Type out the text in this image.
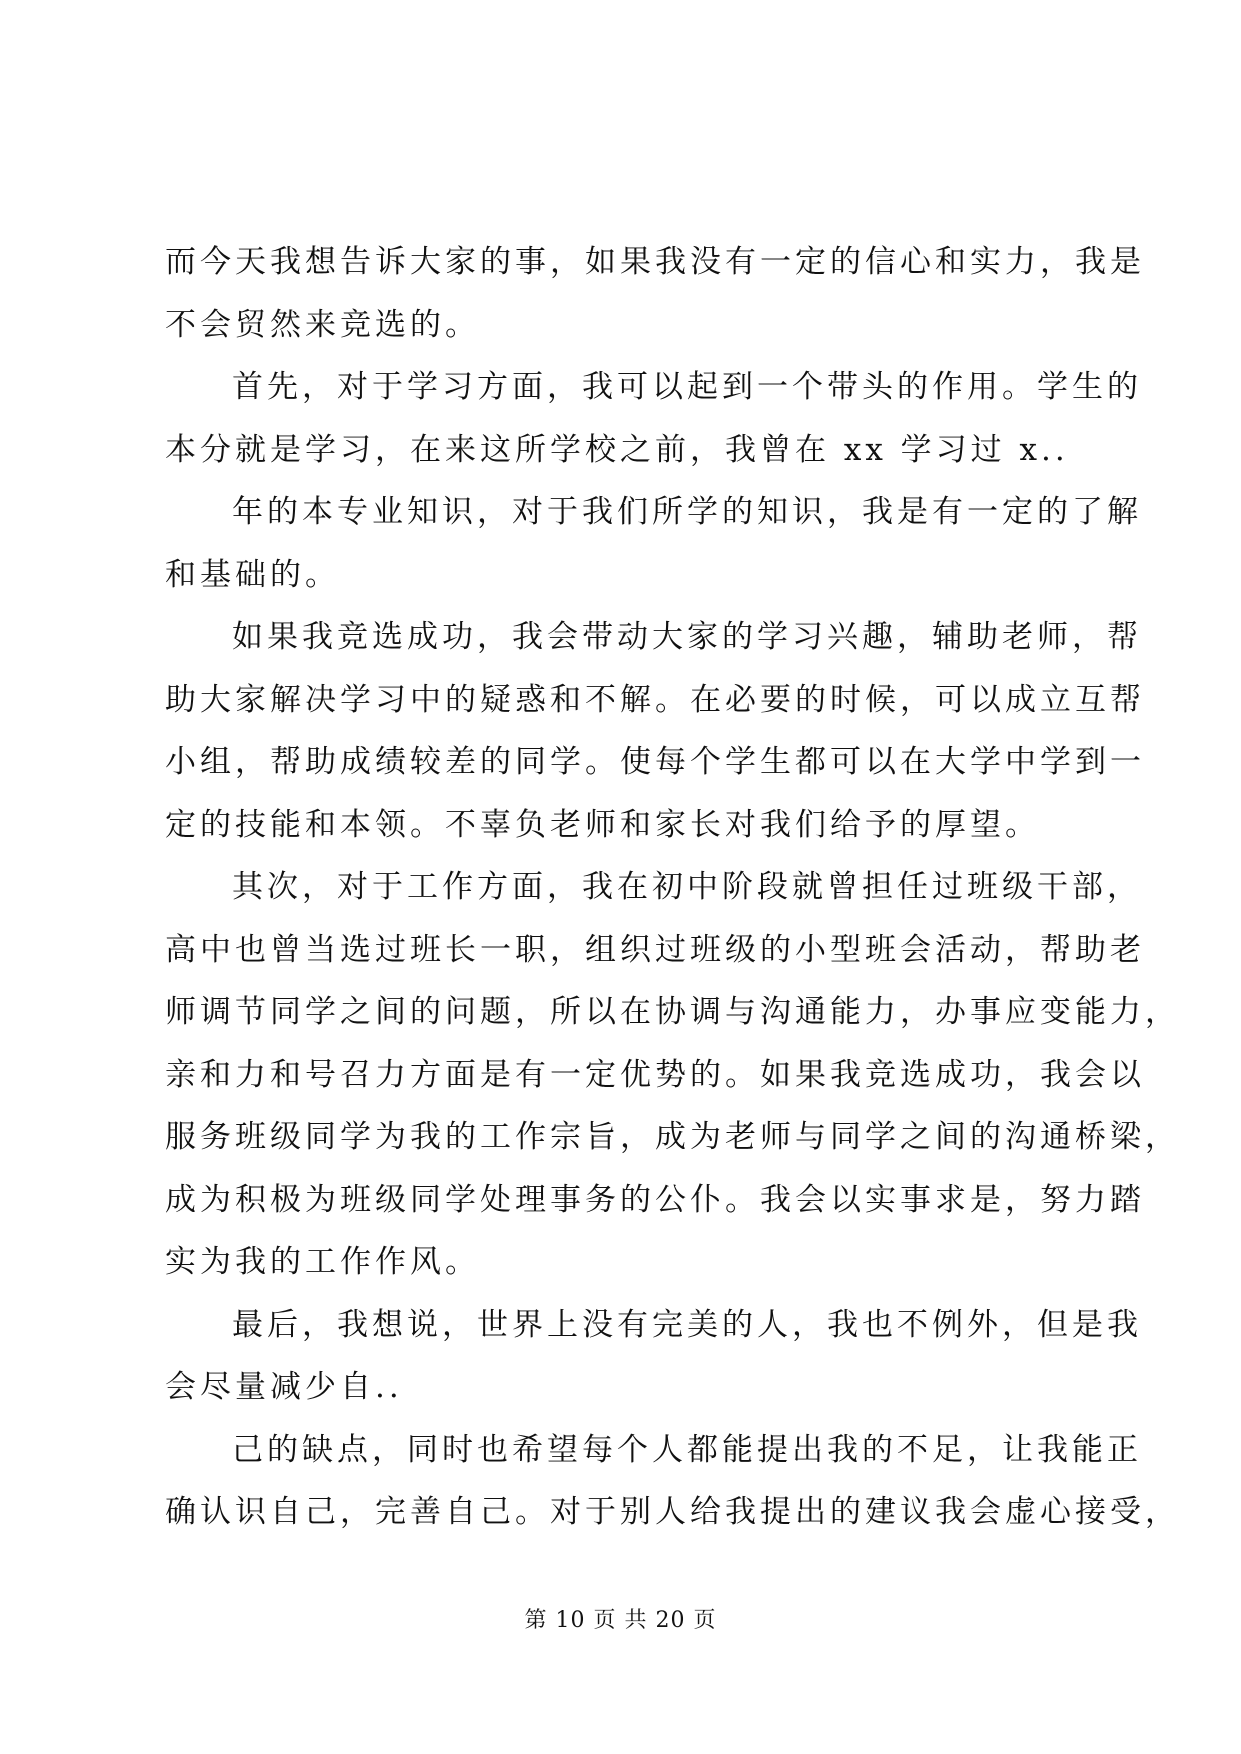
而今天我想告诉大家的事，如果我没有一定的信心和实力，我是
不会贸然来竞选的。
首先，对于学习方面，我可以起到一个带头的作用。学生的
本分就是学习，在来这所学校之前，我曾在 xx 学习过 x..
年的本专业知识，对于我们所学的知识，我是有一定的了解
和基础的。
如果我竞选成功，我会带动大家的学习兴趣，辅助老师，帮
助大家解决学习中的疑惑和不解。在必要的时候，可以成立互帮
小组，帮助成绩较差的同学。使每个学生都可以在大学中学到一
定的技能和本领。不辜负老师和家长对我们给予的厚望。
其次，对于工作方面，我在初中阶段就曾担任过班级干部，
高中也曾当选过班长一职，组织过班级的小型班会活动，帮助老
师调节同学之间的问题，所以在协调与沟通能力，办事应变能力，
亲和力和号召力方面是有一定优势的。如果我竞选成功，我会以
服务班级同学为我的工作宗旨，成为老师与同学之间的沟通桥梁，
成为积极为班级同学处理事务的公仆。我会以实事求是，努力踏
实为我的工作作风。
最后，我想说，世界上没有完美的人，我也不例外，但是我
会尽量减少自..
己的缺点，同时也希望每个人都能提出我的不足，让我能正
确认识自己，完善自己。对于别人给我提出的建议我会虚心接受，
第 10 页 共 20 页
